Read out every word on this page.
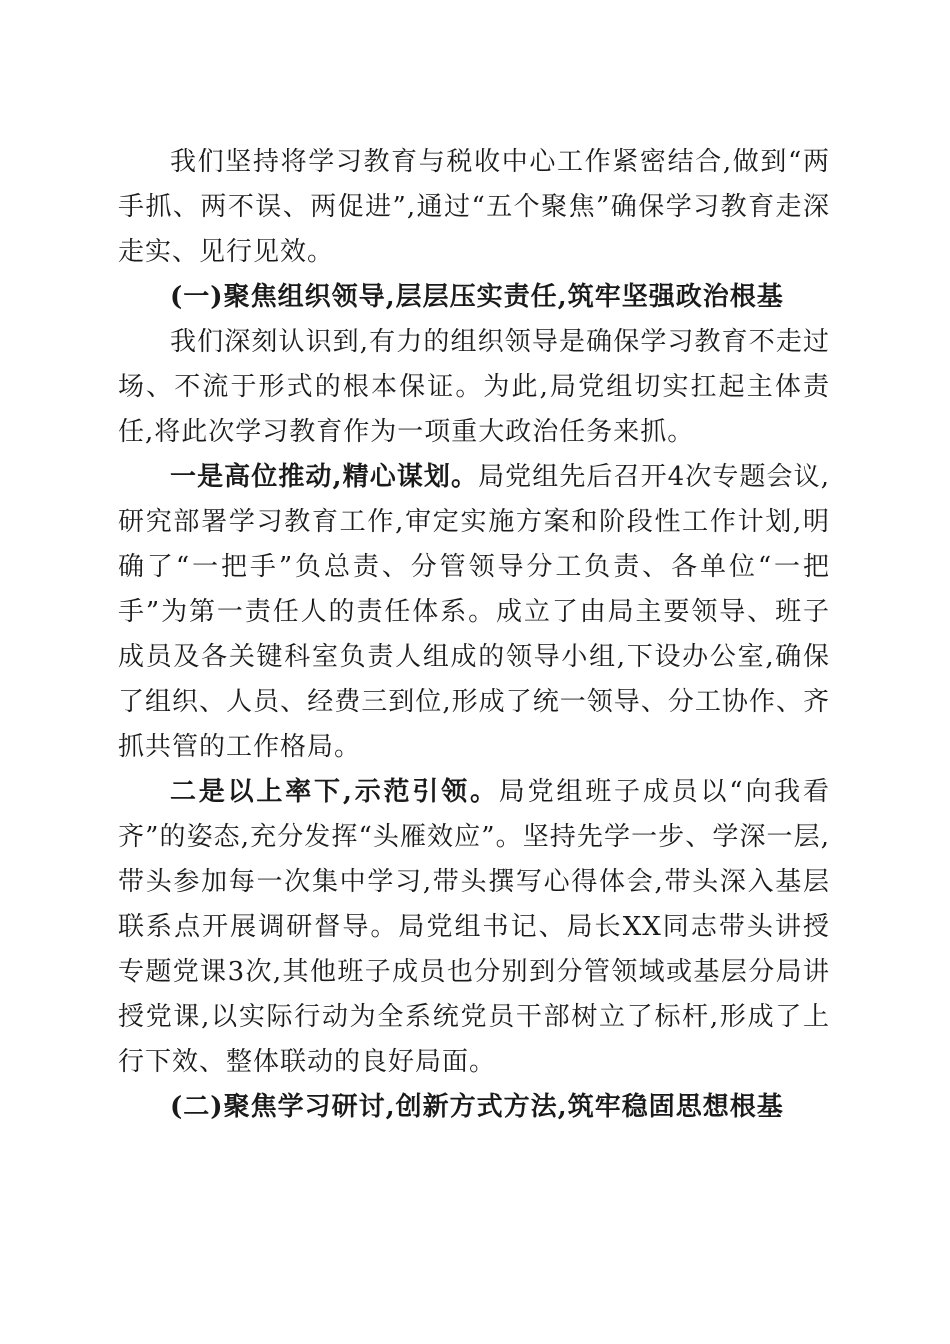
我们坚持将学习教育与税收中心工作紧密结合,做到“两手抓、两不误、两促进”,通过“五个聚焦”确保学习教育走深走实、见行见效。

(一)聚焦组织领导,层层压实责任,筑牢坚强政治根基

我们深刻认识到,有力的组织领导是确保学习教育不走过场、不流于形式的根本保证。为此,局党组切实扛起主体责任,将此次学习教育作为一项重大政治任务来抓。

一是高位推动,精心谋划。局党组先后召开4次专题会议,研究部署学习教育工作,审定实施方案和阶段性工作计划,明确了“一把手”负总责、分管领导分工负责、各单位“一把手”为第一责任人的责任体系。成立了由局主要领导、班子成员及各关键科室负责人组成的领导小组,下设办公室,确保了组织、人员、经费三到位,形成了统一领导、分工协作、齐抓共管的工作格局。

二是以上率下,示范引领。局党组班子成员以“向我看齐”的姿态,充分发挥“头雁效应”。坚持先学一步、学深一层,带头参加每一次集中学习,带头撰写心得体会,带头深入基层联系点开展调研督导。局党组书记、局长XX同志带头讲授专题党课3次,其他班子成员也分别到分管领域或基层分局讲授党课,以实际行动为全系统党员干部树立了标杆,形成了上行下效、整体联动的良好局面。

(二)聚焦学习研讨,创新方式方法,筑牢稳固思想根基
